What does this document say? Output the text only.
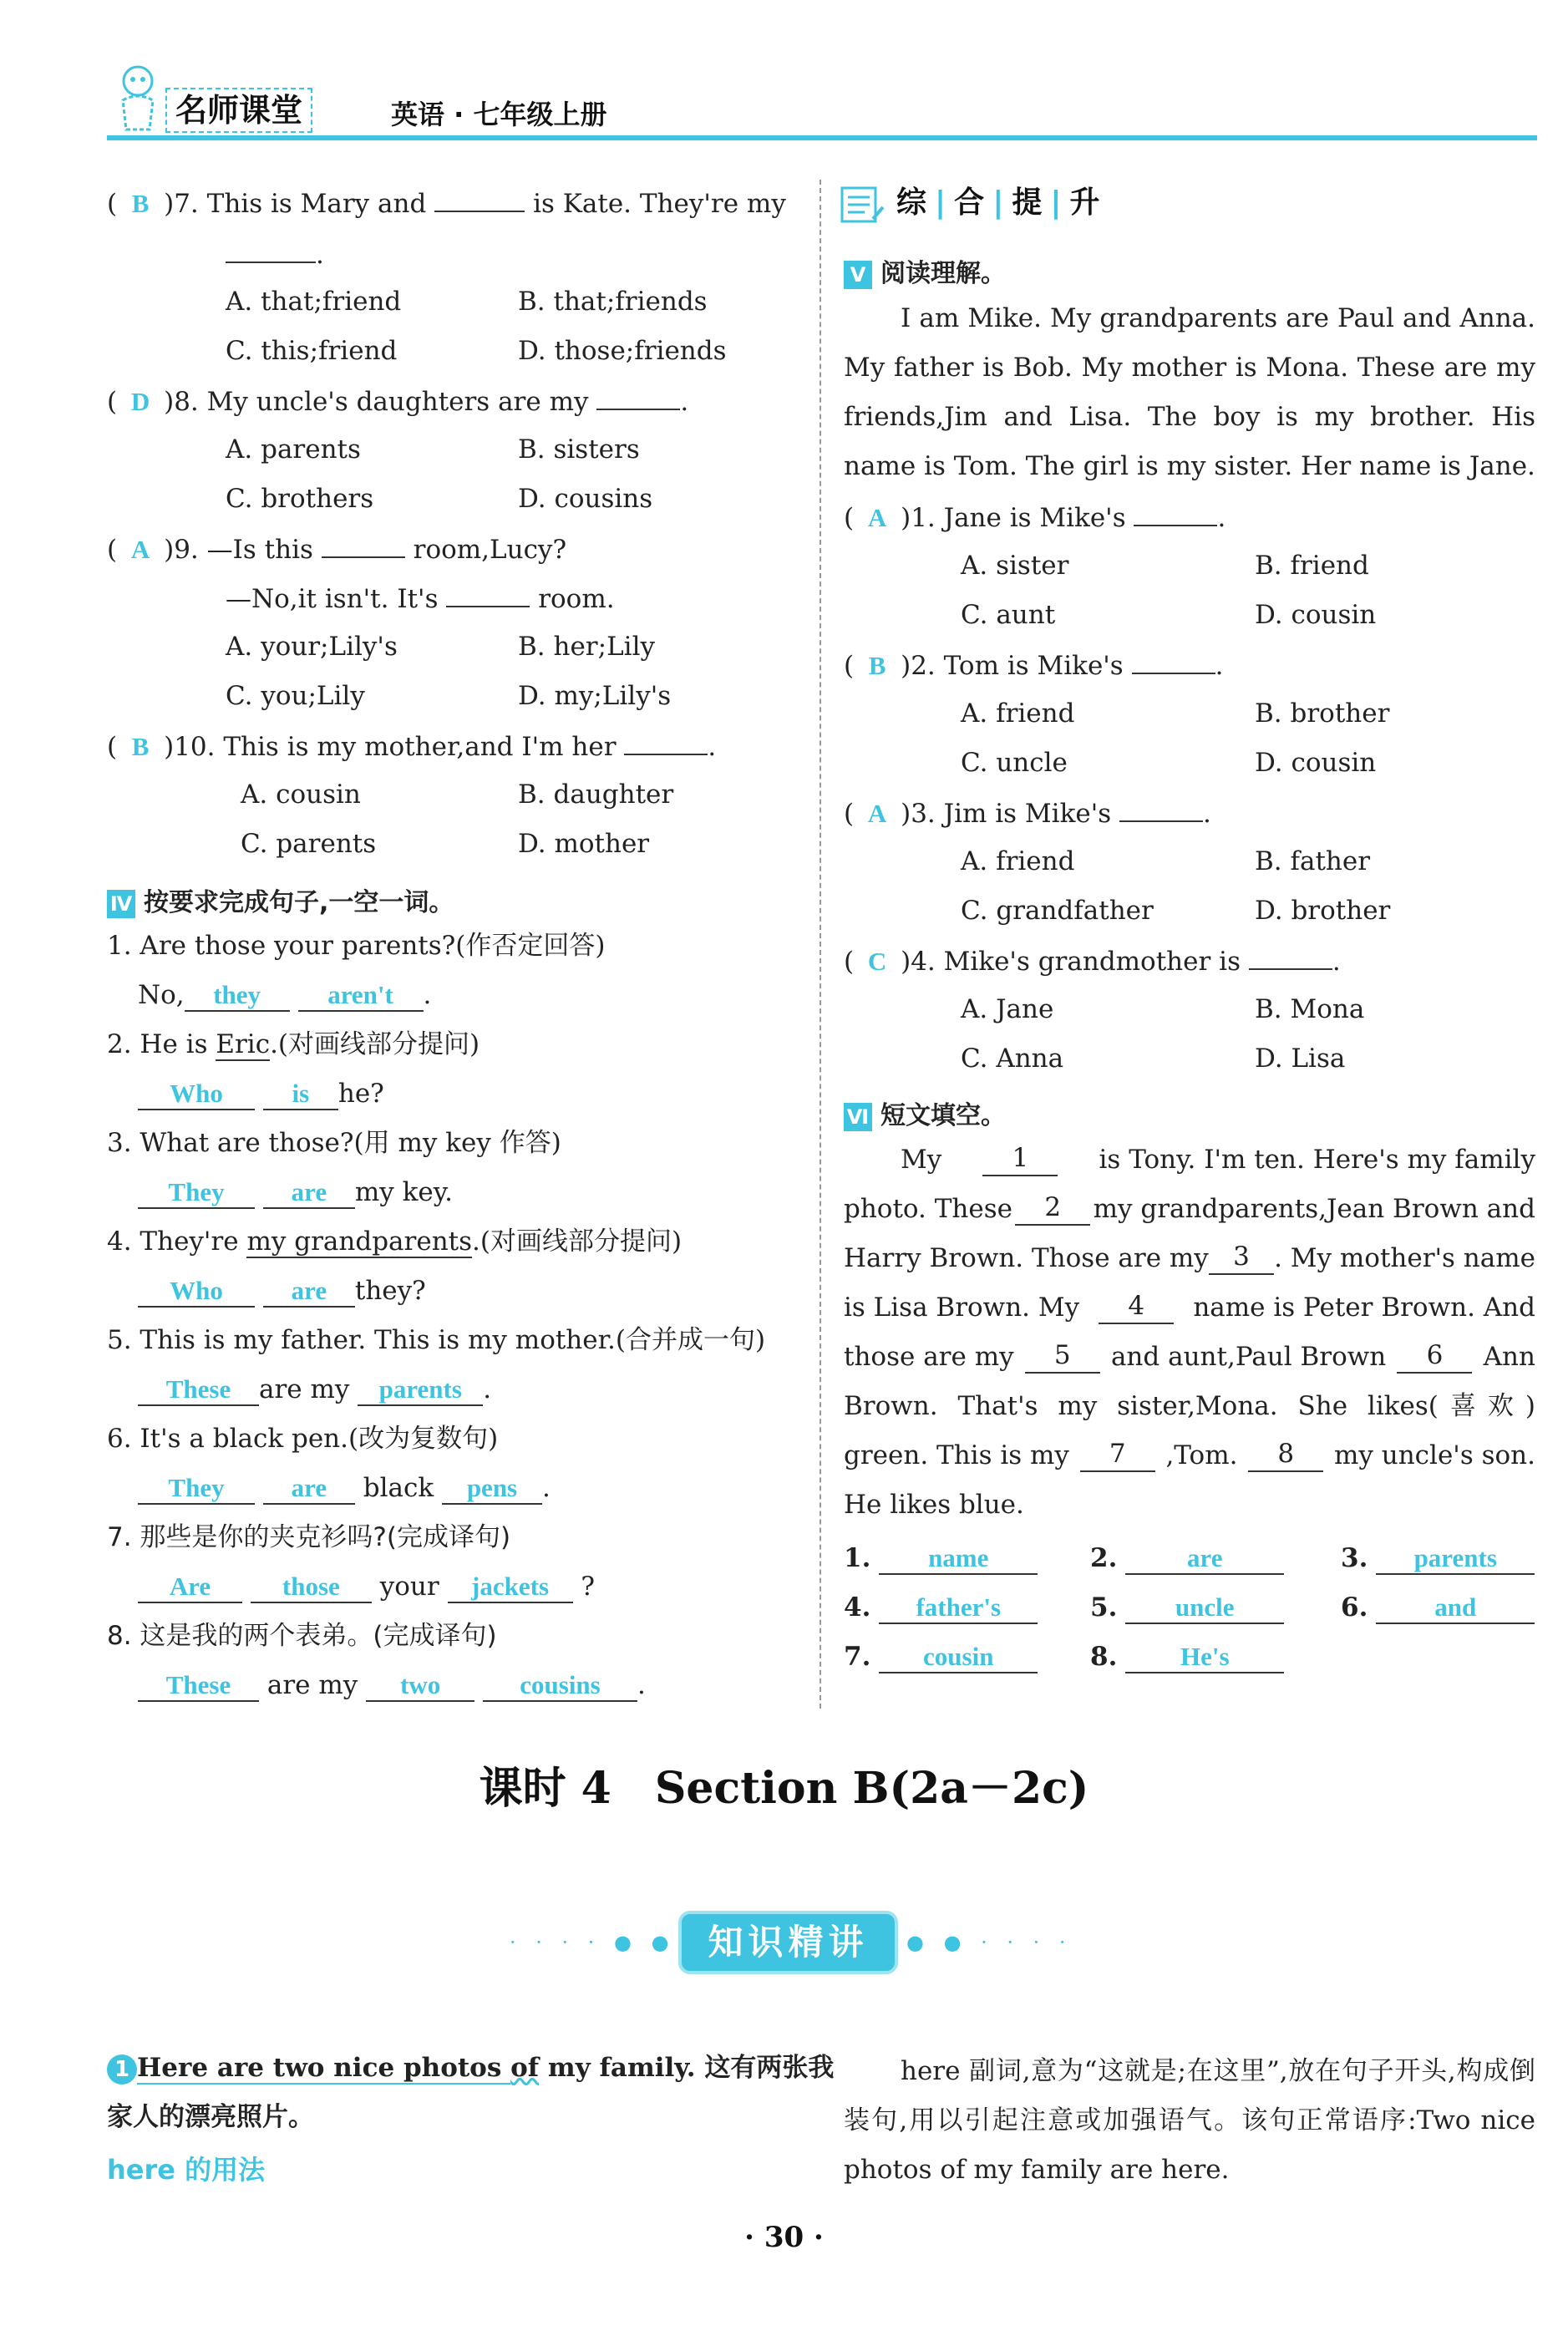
名师课堂	英语 · 七年级上册
( B )7. This is Mary and	is Kate. They're my
.
A. that;friend	B. that;friends
C. this;friend	D. those;friends
( D )8. My uncle's daughters are my	.
A. parents	B. sisters
C. brothers	D. cousins
( A )9. —Is this	room,Lucy?
—No,it isn't. It's	room.
A. your;Lily's	B. her;Lily
C. you;Lily	D. my;Lily's
( B )10. This is my mother,and I'm her	.
A. cousin	B. daughter
C. parents	D. mother
Ⅳ 按要求完成句子,一空一词。
1. Are those your parents?(作否定回答)
No, they	aren't .
2. He is Eric.(对画线部分提问)
Who	is he?
3. What are those?(用 my key 作答)
They	are my key.
4. They're my grandparents.(对画线部分提问)
Who	are they?
5. This is my father. This is my mother.(合并成一句)
These are my parents .
6. It's a black pen.(改为复数句)
They	are black pens .
7. 那些是你的夹克衫吗?(完成译句)
Are	those your jackets ?
8. 这是我的两个表弟。(完成译句)
These are my two	cousins .
综 | 合 | 提 | 升
Ⅴ 阅读理解。
I am Mike. My grandparents are Paul and Anna. My father is Bob. My mother is Mona. These are my friends,Jim and Lisa. The boy is my brother. His name is Tom. The girl is my sister. Her name is Jane.
( A )1. Jane is Mike's	.
A. sister	B. friend
C. aunt	D. cousin
( B )2. Tom is Mike's	.
A. friend	B. brother
C. uncle	D. cousin
( A )3. Jim is Mike's	.
A. friend	B. father
C. grandfather	D. brother
( C )4. Mike's grandmother is	.
A. Jane	B. Mona
C. Anna	D. Lisa
Ⅵ 短文填空。
My	1	is Tony. I'm ten. Here's my family
photo. These	2	my grandparents,Jean Brown and
Harry Brown. Those are my 3 . My mother's name
is Lisa Brown. My	4	name is Peter Brown. And
those are my	5	and aunt,Paul Brown	6	Ann
Brown. That's my sister,Mona. She likes(喜欢)
green. This is my	7	,Tom.	8	my uncle's son.
He likes blue.
1. name	2.	are	3. parents
4. father's	5. uncle	6.	and
7. cousin	8. He's
课时 4　Section B(2a－2c)
· · · · ● ● 知识精讲	● ● · · · ·
1 Here are two nice photos of my family. 这有两张我
家人的漂亮照片。
here 的用法
here 副词,意为“这就是;在这里”,放在句子开头,构成倒装句,用以引起注意或加强语气。该句正常语序:Two nice photos of my family are here.
· 30 ·
